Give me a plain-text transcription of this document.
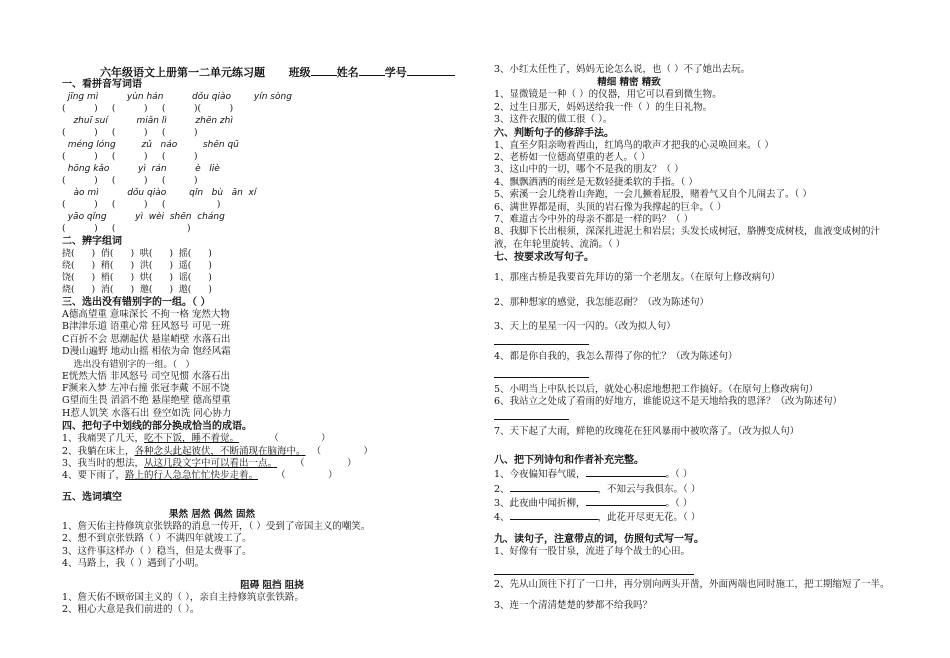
六年级语文上册第一二单元练习题 班级 姓名 学号
一、看拼音写词语
jīng mì          yùn hán          dǒu qiào        yín sòng
(          )     (          )     (          )(          )
zhuī suí          miǎn lì          zhēn zhì
(          )     (          )     (          )
méng lóng         zǔ   náo         shēn qū
(          )     (          )     (          )
hōng kǎo          yì  rán          è   liè
(          )     (          )     (          )
ào mì          dǒu qiào        qǐn   bù   ān  xí
(          )     (          )     (                  )
yāo qǐng          yì  wèi  shēn  cháng
(          )     (                         )
二、辨字组词
挠(      )  俏(      )  哄(      )  摇(      )
绕(      )  稍(      )  洪(      )  遥(      )
饶(      )  梢(      )  烘(      )  谣(      )
烧(      )  消(      )  邀(      )  遨(      )
三、选出没有错别字的一组。（ ）
A德高望重 意味深长 不拘一格 宠然大物
B津津乐道 语重心常 狂风怒号 可见一班
C百折不会 思潮起伏 悬崖峭壁 水落石出
D漫山遍野 地动山摇 相依为命 饱经风霜
选出没有错别字的一组。（   ）
E恍然大悟 非风怒号 司空见惯 水落石出
F濒来入梦 左冲右撞 张冠李戴 不屈不饶
G望而生畏 滔滔不绝 悬崖绝壁 德高望重
H惹人饥笑 水落石出 登空如洗 同心协力
四、把句子中划线的部分换成恰当的成语。
1、我痛哭了几天，吃不下饭，睡不着觉。          （              ）
2、我躺在床上，各种念头此起彼伏，不断涌现在脑海中。  （              ）
3、我当时的想法，从这几段文字中可以看出一点。      （              ）
4、要下雨了，路上的行人急急忙忙快步走着。      （              ）
五、选词填空
果然 居然 偶然 固然
1、詹天佑主持修筑京张铁路的消息一传开，（ ）受到了帝国主义的嘲笑。
2、想不到京张铁路（ ）不满四年就竣工了。
3、这件事这样办（ ）稳当，但是太费事了。
4、马路上，我（ ）遇到了小明。
阻碍 阻挡 阻挠
1、詹天佑不顾帝国主义的（ ），亲自主持修筑京张铁路。
2、粗心大意是我们前进的（ ）。
3、小红太任性了，妈妈无论怎么说，也（ ）不了她出去玩。
精细 精密 精致
1、显微镜是一种（ ）的仪器，用它可以看到微生物。
2、过生日那天，妈妈送给我一件（ ）的生日礼物。
3、这件衣服的做工很（ ）。
六、判断句子的修辞手法。
1、直至夕阳亲吻着西山，红鸠鸟的歌声才把我的心灵唤回来。（ ）
2、老桥如一位德高望重的老人。（ ）
3、这山中的一切，哪个不是我的朋友？（ ）
4、飘飘洒洒的雨丝是无数轻捷柔软的手指。（ ）
5、索溪一会儿绕着山奔跑，一会儿撅着屁股，赌着气又自个儿闹去了。（ ）
6、满世界都是雨，头顶的岩石像为我撑起的巨伞。（ ）
7、难道古今中外的母亲不都是一样的吗？（ ）
8、我脚下长出根须，深深扎进泥土和岩层；头发长成树冠，胳膊变成树枝，血液变成树的汁液，在年轮里旋转、流淌。（ ）
七、按要求改写句子。
1、那座古桥是我要首先拜访的第一个老朋友。（在原句上修改病句）
2、那种想家的感觉，我怎能忍耐？（改为陈述句）
3、天上的星星一闪一闪的。（改为拟人句）
4、都是你自我的，我怎么帮得了你的忙？（改为陈述句）
5、小明当上中队长以后，就处心积虑地想把工作搞好。（在原句上修改病句）
6、我站立之处成了看雨的好地方，谁能说这不是天地给我的恩泽？（改为陈述句）
7、天下起了大雨，鲜艳的玫瑰花在狂风暴雨中被吹落了。（改为拟人句）
八、把下列诗句和作者补充完整。
1、今夜偏知春气暖，	。（ ）
2、	，不知云与我俱东。（ ）
3、此夜曲中闻折柳，	。（ ）
4、	，此花开尽更无花。（ ）
九、读句子，注意带点的词，仿照句式写一写。
1、好像有一股甘泉，流进了每个战士的心田。
2、先从山顶往下打了一口井，再分别向两头开凿，外面两端也同时施工，把工期缩短了一半。
3、连一个清清楚楚的梦都不给我吗？
